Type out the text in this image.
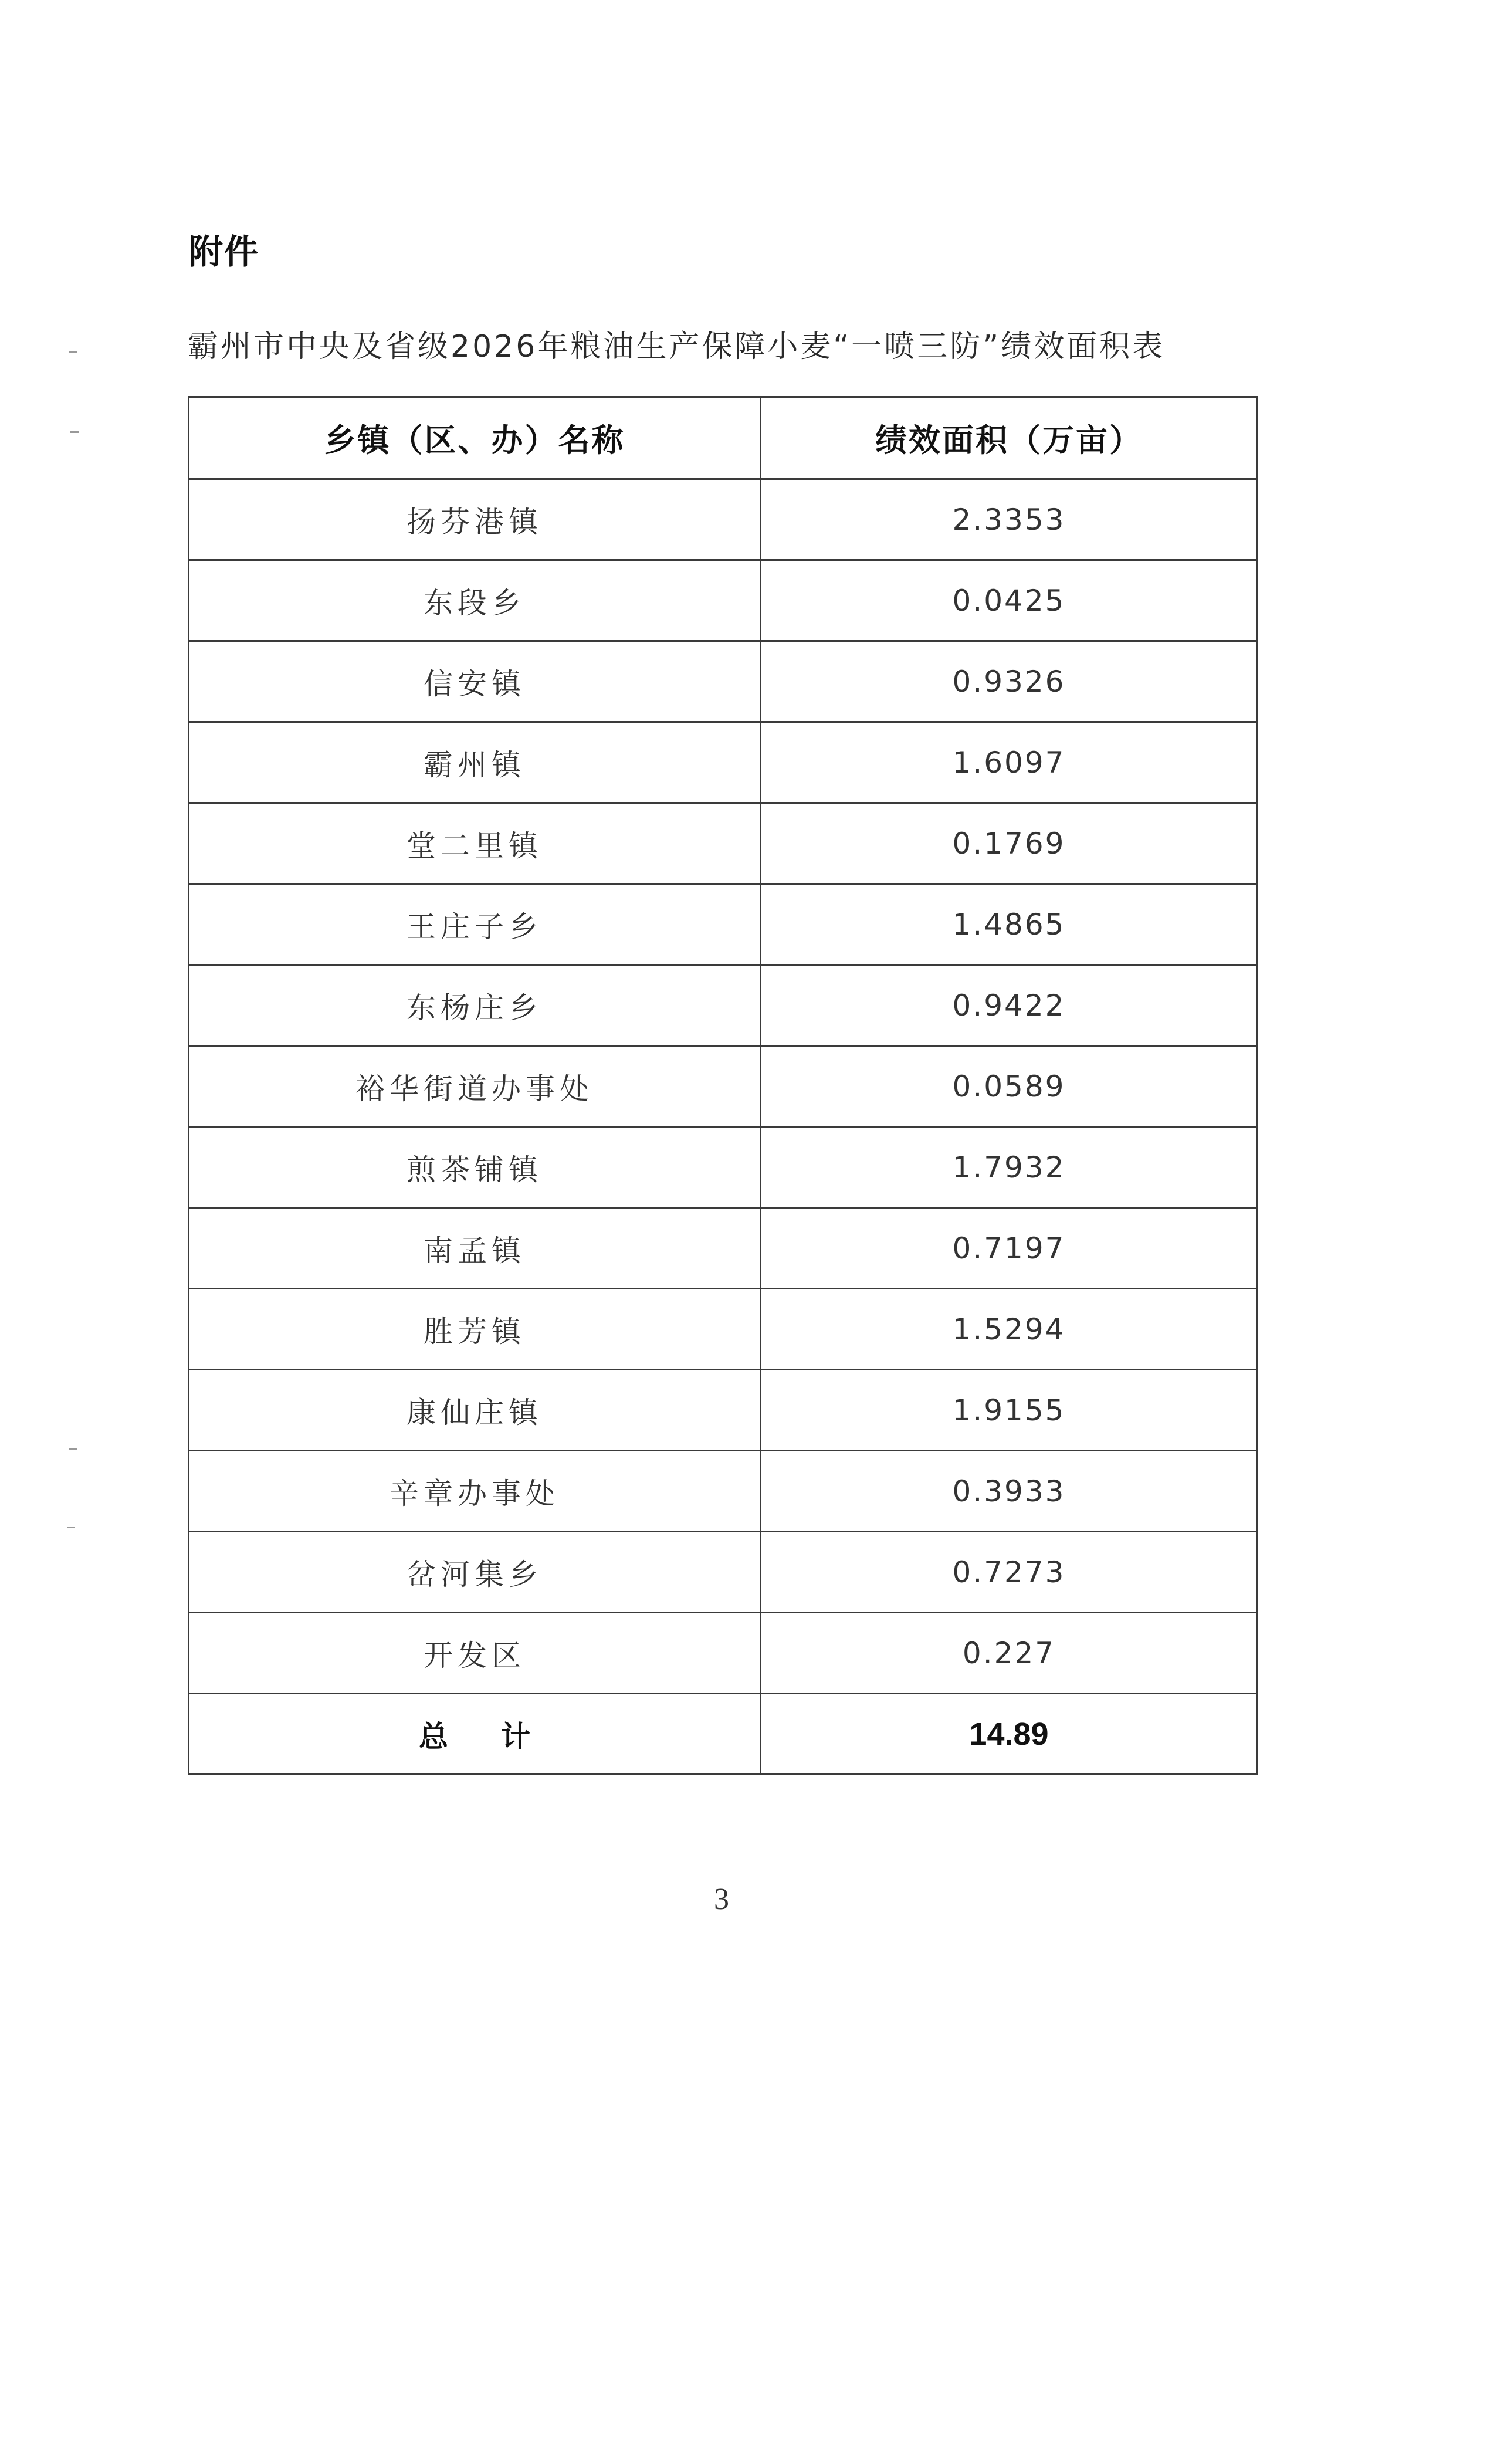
附件
霸州市中央及省级2026年粮油生产保障小麦“一喷三防”绩效面积表
乡镇（区、办）名称	绩效面积（万亩）
扬芬港镇	2.3353
东段乡	0.0425
信安镇	0.9326
霸州镇	1.6097
堂二里镇	0.1769
王庄子乡	1.4865
东杨庄乡	0.9422
裕华街道办事处	0.0589
煎茶铺镇	1.7932
南孟镇	0.7197
胜芳镇	1.5294
康仙庄镇	1.9155
辛章办事处	0.3933
岔河集乡	0.7273
开发区	0.227
总计	14.89
3
